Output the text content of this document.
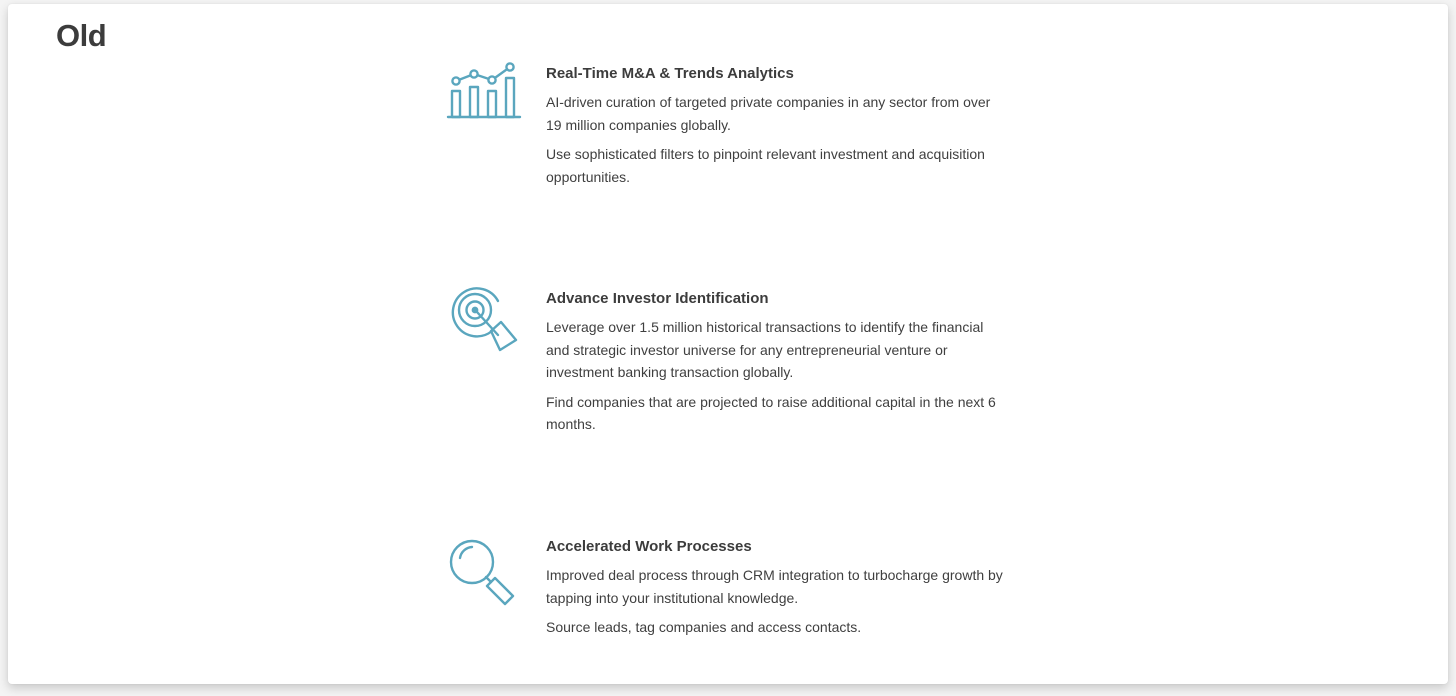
Old
Real-Time M&A & Trends Analytics

AI-driven curation of targeted private companies in any sector from over 19 million companies globally.

Use sophisticated filters to pinpoint relevant investment and acquisition opportunities.

Advance Investor Identification

Leverage over 1.5 million historical transactions to identify the financial and strategic investor universe for any entrepreneurial venture or investment banking transaction globally.

Find companies that are projected to raise additional capital in the next 6 months.

Accelerated Work Processes

Improved deal process through CRM integration to turbocharge growth by tapping into your institutional knowledge.

Source leads, tag companies and access contacts.
